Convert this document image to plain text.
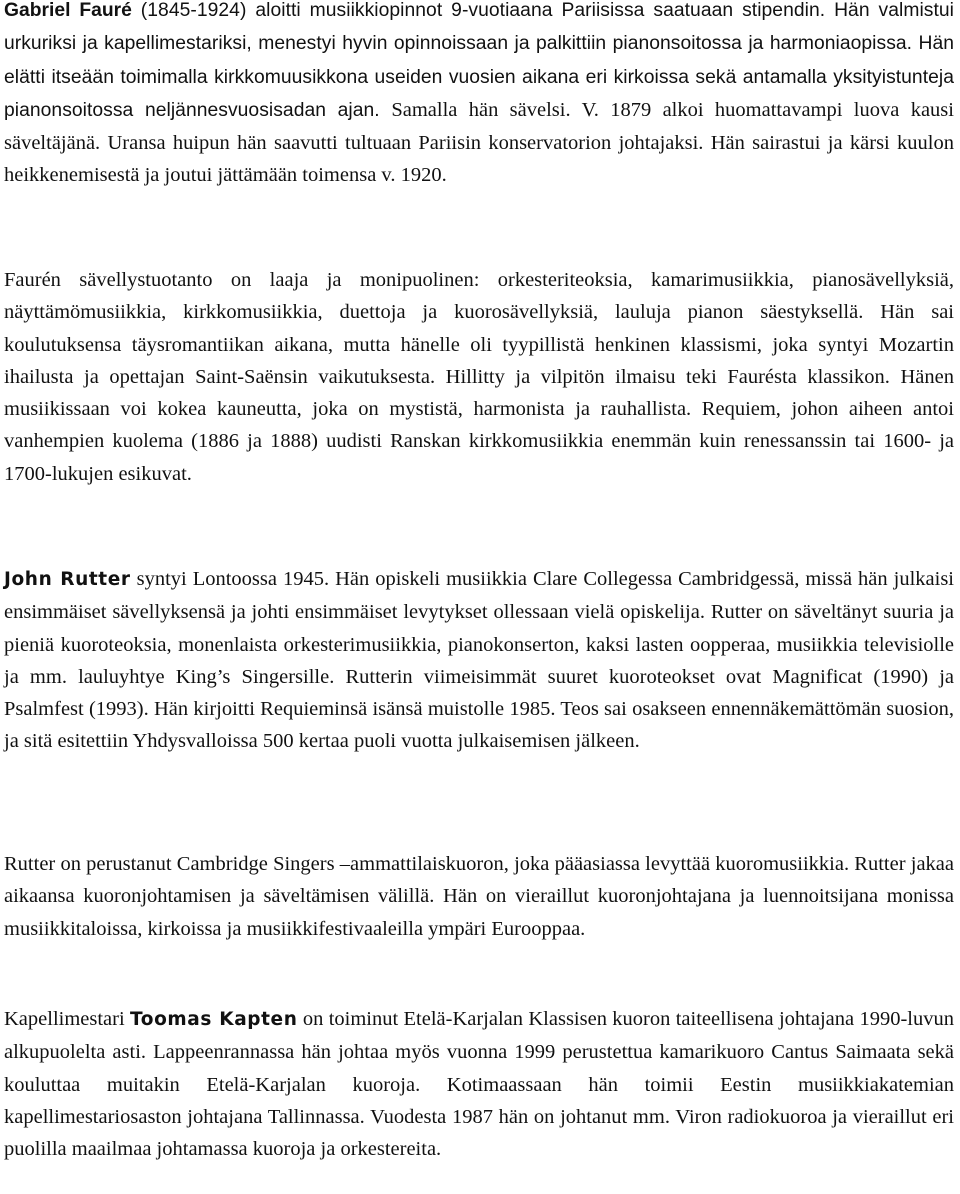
Gabriel Fauré (1845-1924) aloitti musiikkiopinnot 9-vuotiaana Pariisissa saatuaan stipendin. Hän valmistui urkuriksi ja kapellimestariksi, menestyi hyvin opinnoissaan ja palkittiin pianonsoitossa ja harmoniaopissa. Hän elätti itseään toimimalla kirkkomuusikkona useiden vuosien aikana eri kirkoissa sekä antamalla yksityistunteja pianonsoitossa neljännesvuosisadan ajan. Samalla hän sävelsi. V. 1879 alkoi huomattavampi luova kausi säveltäjänä. Uransa huipun hän saavutti tultuaan Pariisin konservatorion johtajaksi. Hän sairastui ja kärsi kuulon heikkenemisestä ja joutui jättämään toimensa v. 1920.

Faurén sävellystuotanto on laaja ja monipuolinen: orkesteriteoksia, kamarimusiikkia, pianosävellyksiä, näyttämömusiikkia, kirkkomusiikkia, duettoja ja kuorosävellyksiä, lauluja pianon säestyksellä. Hän sai koulutuksensa täysromantiikan aikana, mutta hänelle oli tyypillistä henkinen klassismi, joka syntyi Mozartin ihailusta ja opettajan Saint-Saënsin vaikutuksesta. Hillitty ja vilpitön ilmaisu teki Faurésta klassikon. Hänen musiikissaan voi kokea kauneutta, joka on mystistä, harmonista ja rauhallista. Requiem, johon aiheen antoi vanhempien kuolema (1886 ja 1888) uudisti Ranskan kirkkomusiikkia enemmän kuin renessanssin tai 1600- ja 1700-lukujen esikuvat.

John Rutter syntyi Lontoossa 1945. Hän opiskeli musiikkia Clare Collegessa Cambridgessä, missä hän julkaisi ensimmäiset sävellyksensä ja johti ensimmäiset levytykset ollessaan vielä opiskelija. Rutter on säveltänyt suuria ja pieniä kuoroteoksia, monenlaista orkesterimusiikkia, pianokonserton, kaksi lasten oopperaa, musiikkia televisiolle ja mm. lauluyhtye King’s Singersille. Rutterin viimeisimmät suuret kuoroteokset ovat Magnificat (1990) ja Psalmfest (1993). Hän kirjoitti Requieminsä isänsä muistolle 1985. Teos sai osakseen ennennäkemättömän suosion, ja sitä esitettiin Yhdysvalloissa 500 kertaa puoli vuotta julkaisemisen jälkeen.

Rutter on perustanut Cambridge Singers –ammattilaiskuoron, joka pääasiassa levyttää kuoromusiikkia. Rutter jakaa aikaansa kuoronjohtamisen ja säveltämisen välillä. Hän on vieraillut kuoronjohtajana ja luennoitsijana monissa musiikkitaloissa, kirkoissa ja musiikkifestivaaleilla ympäri Eurooppaa.

Kapellimestari Toomas Kapten on toiminut Etelä-Karjalan Klassisen kuoron taiteellisena johtajana 1990-luvun alkupuolelta asti. Lappeenrannassa hän johtaa myös vuonna 1999 perustettua kamarikuoro Cantus Saimaata sekä kouluttaa muitakin Etelä-Karjalan kuoroja. Kotimaassaan hän toimii Eestin musiikkiakatemian kapellimestariosaston johtajana Tallinnassa. Vuodesta 1987 hän on johtanut mm. Viron radiokuoroa ja vieraillut eri puolilla maailmaa johtamassa kuoroja ja orkestereita.
